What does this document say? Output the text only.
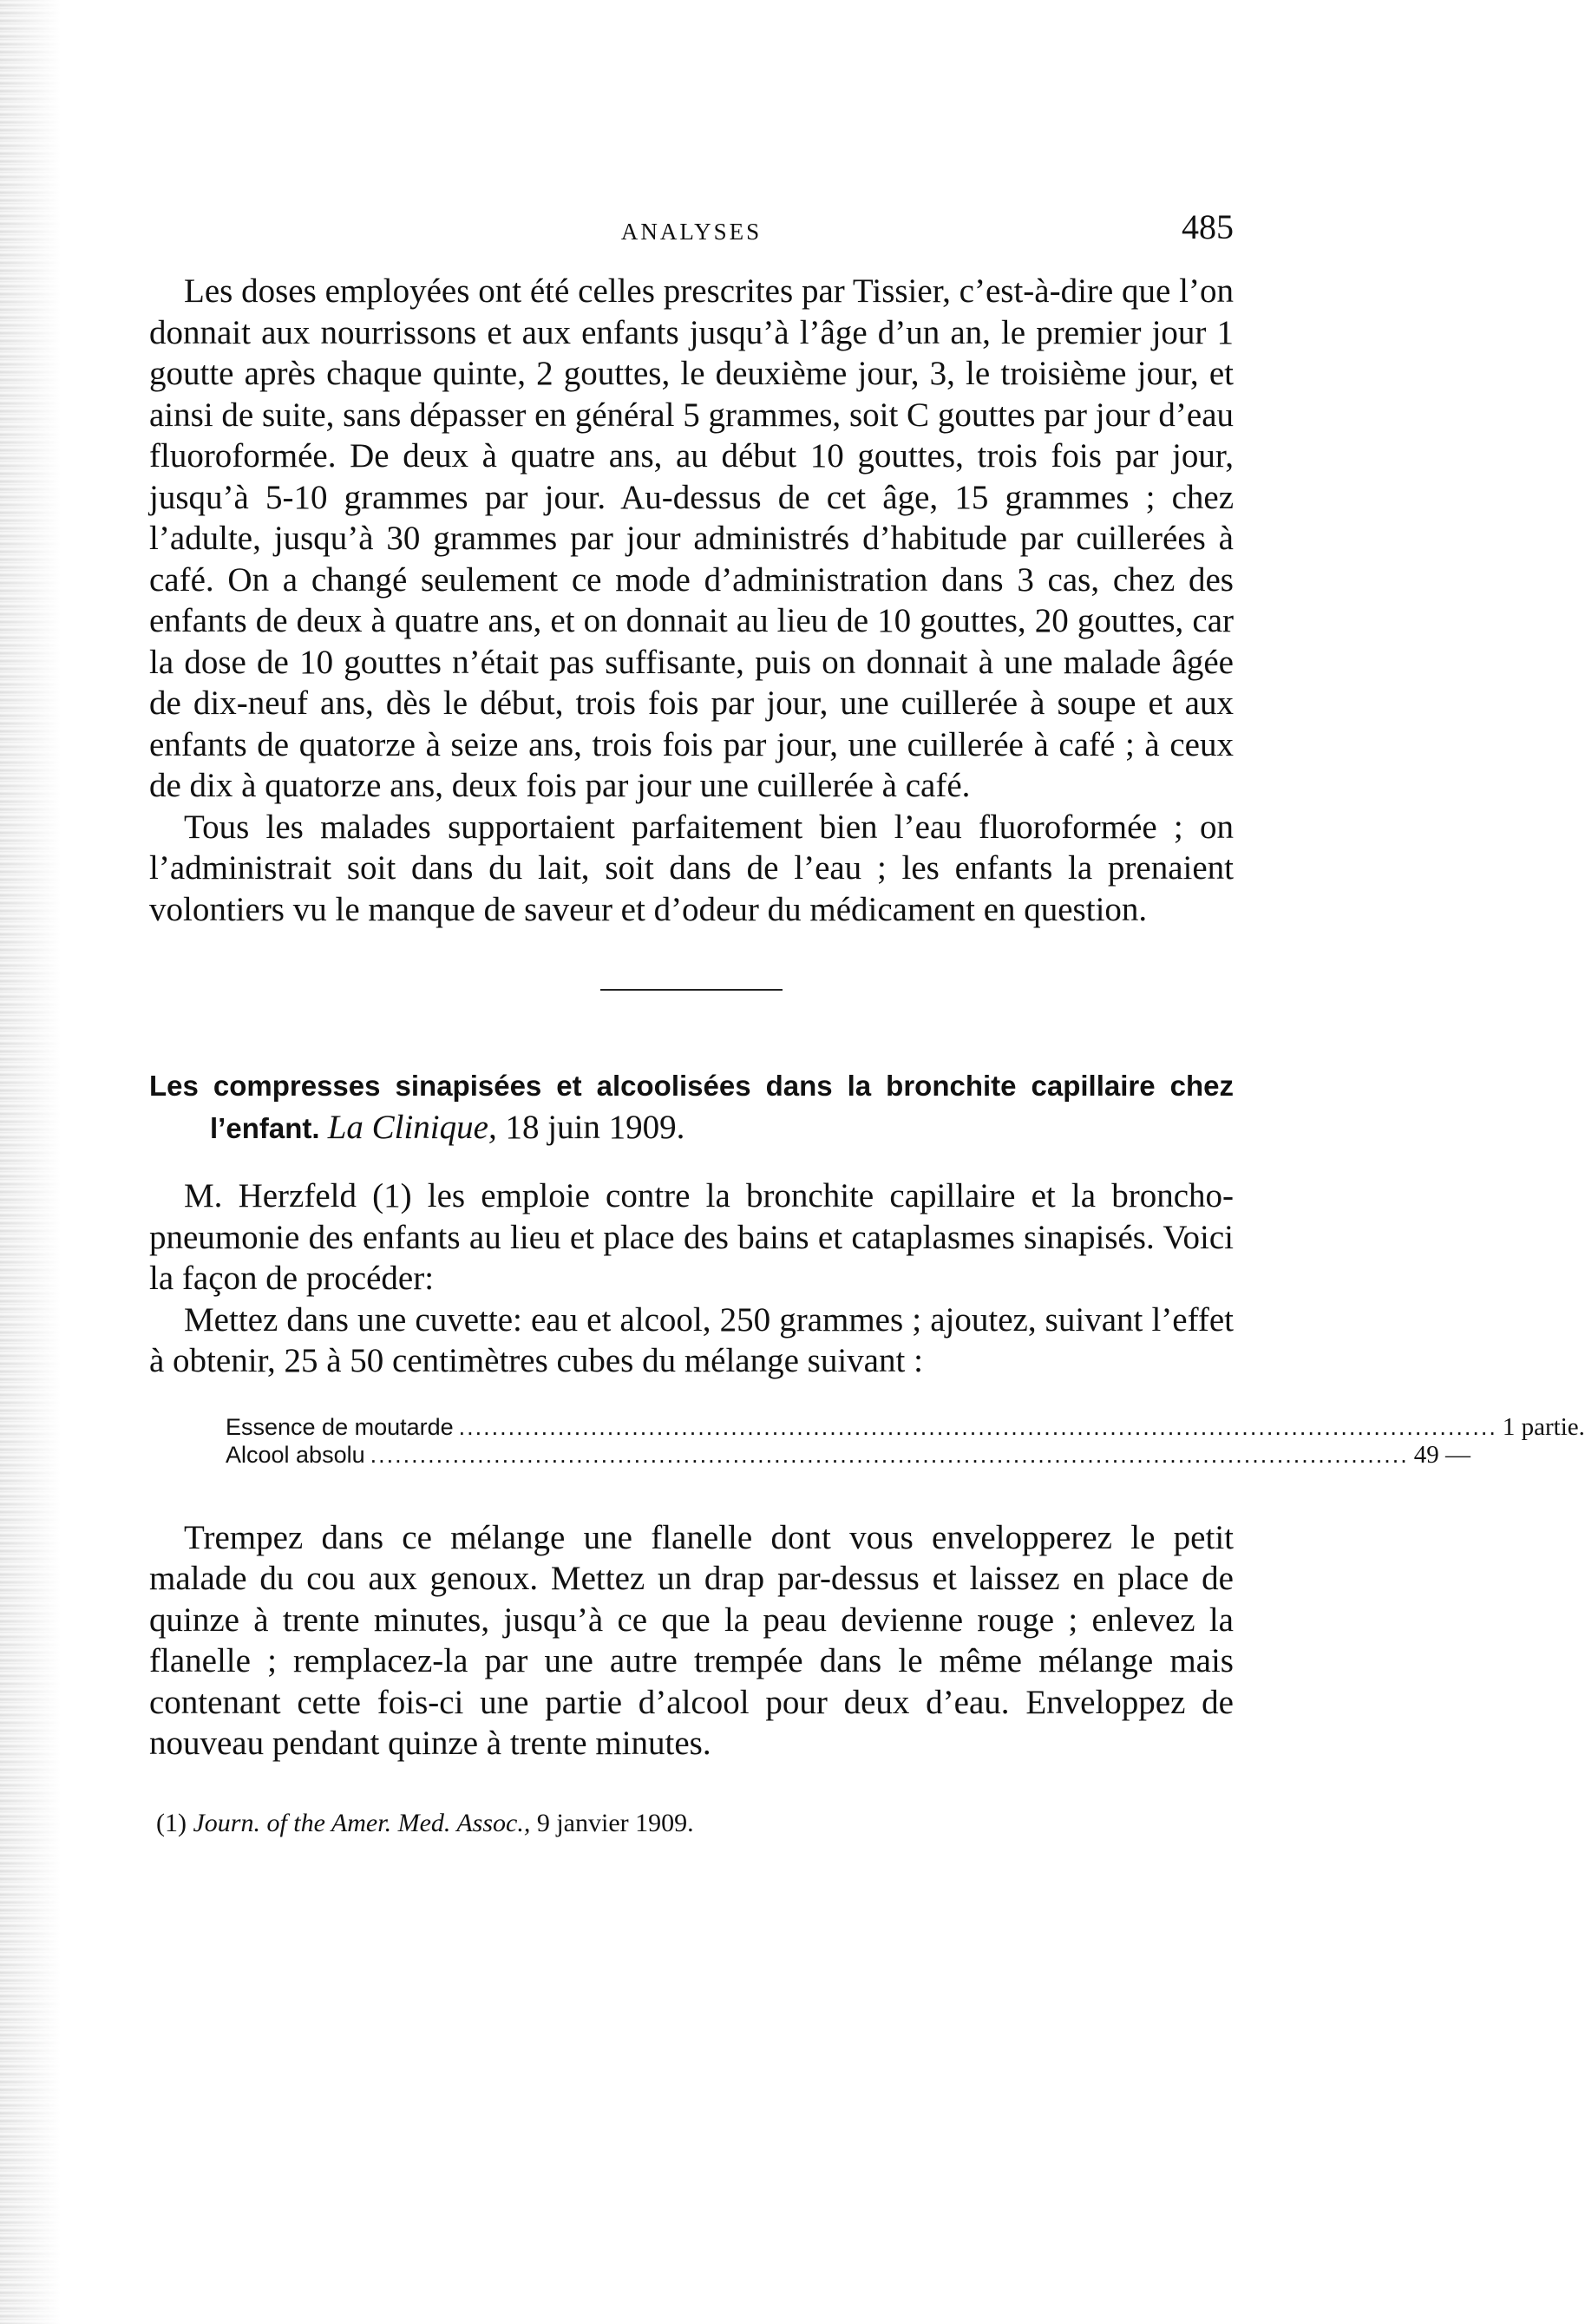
ANALYSES	485

Les doses employées ont été celles prescrites par Tissier, c’est-à-dire que l’on donnait aux nourrissons et aux enfants jusqu’à l’âge d’un an, le premier jour 1 goutte après chaque quinte, 2 gouttes, le deuxième jour, 3, le troisième jour, et ainsi de suite, sans dépasser en général 5 grammes, soit C gouttes par jour d’eau fluoroformée. De deux à quatre ans, au début 10 gouttes, trois fois par jour, jusqu’à 5-10 grammes par jour. Au-dessus de cet âge, 15 grammes ; chez l’adulte, jusqu’à 30 grammes par jour administrés d’habitude par cuillerées à café. On a changé seulement ce mode d’administration dans 3 cas, chez des enfants de deux à quatre ans, et on donnait au lieu de 10 gouttes, 20 gouttes, car la dose de 10 gouttes n’était pas suffisante, puis on donnait à une malade âgée de dix-neuf ans, dès le début, trois fois par jour, une cuillerée à soupe et aux enfants de quatorze à seize ans, trois fois par jour, une cuillerée à café ; à ceux de dix à quatorze ans, deux fois par jour une cuillerée à café.

Tous les malades supportaient parfaitement bien l’eau fluoroformée ; on l’administrait soit dans du lait, soit dans de l’eau ; les enfants la prenaient volontiers vu le manque de saveur et d’odeur du médicament en question.

Les compresses sinapisées et alcoolisées dans la bronchite capillaire chez l’enfant. La Clinique, 18 juin 1909.

M. Herzfeld (1) les emploie contre la bronchite capillaire et la broncho-pneumonie des enfants au lieu et place des bains et cataplasmes sinapisés. Voici la façon de procéder:

Mettez dans une cuvette: eau et alcool, 250 grammes ; ajoutez, suivant l’effet à obtenir, 25 à 50 centimètres cubes du mélange suivant :

Essence de moutarde .............................................................................................................................. 1 partie.
Alcool absolu .............................................................................................................................. 49 —

Trempez dans ce mélange une flanelle dont vous envelopperez le petit malade du cou aux genoux. Mettez un drap par-dessus et laissez en place de quinze à trente minutes, jusqu’à ce que la peau devienne rouge ; enlevez la flanelle ; remplacez-la par une autre trempée dans le même mélange mais contenant cette fois-ci une partie d’alcool pour deux d’eau. Enveloppez de nouveau pendant quinze à trente minutes.

(1) Journ. of the Amer. Med. Assoc., 9 janvier 1909.
